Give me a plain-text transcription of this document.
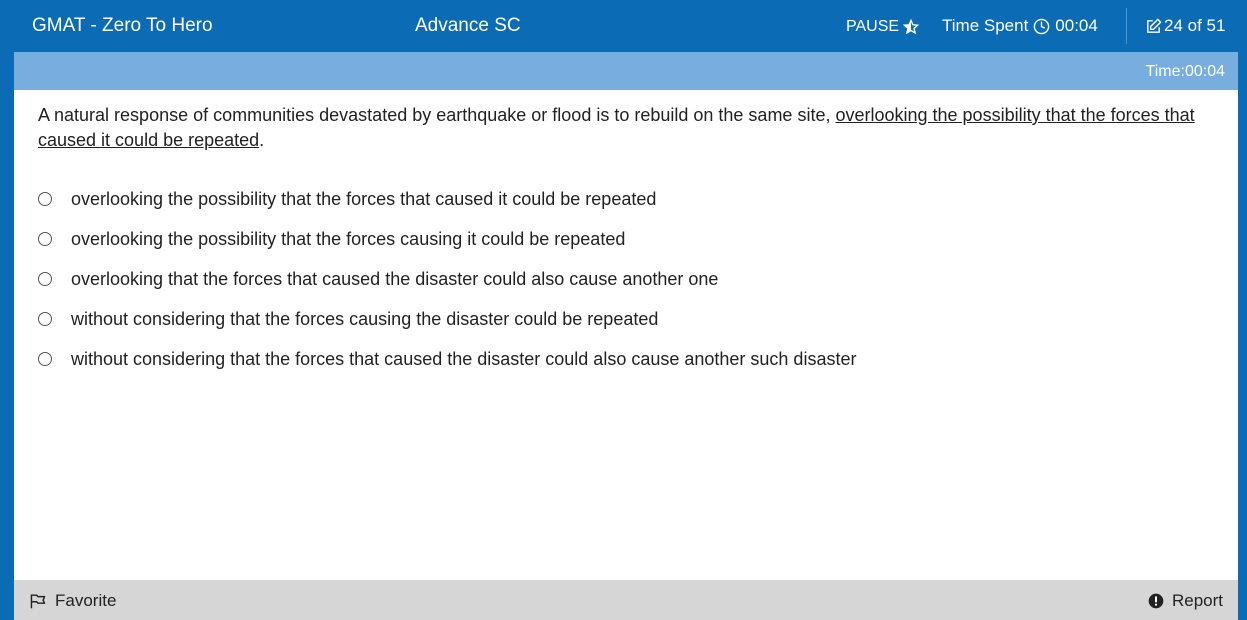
GMAT - Zero To Hero	Advance SC	PAUSE	Time Spent 00:04	24 of 51
Time:00:04
A natural response of communities devastated by earthquake or flood is to rebuild on the same site, overlooking the possibility that the forces that caused it could be repeated.
overlooking the possibility that the forces that caused it could be repeated
overlooking the possibility that the forces causing it could be repeated
overlooking that the forces that caused the disaster could also cause another one
without considering that the forces causing the disaster could be repeated
without considering that the forces that caused the disaster could also cause another such disaster
Favorite	Report
